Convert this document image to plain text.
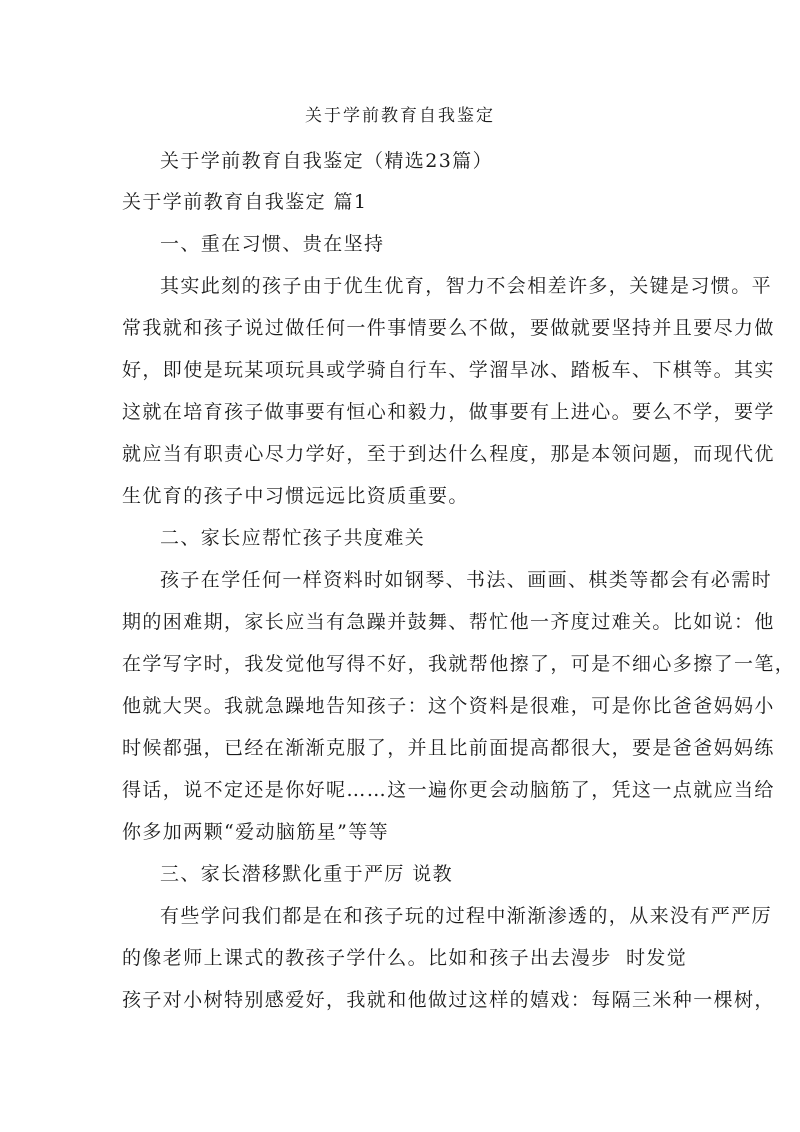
关于学前教育自我鉴定
关于学前教育自我鉴定（精选23篇）
关于学前教育自我鉴定 篇1
一、重在习惯、贵在坚持
其实此刻的孩子由于优生优育，智力不会相差许多，关键是习惯。平
常我就和孩子说过做任何一件事情要么不做，要做就要坚持并且要尽力做
好，即使是玩某项玩具或学骑自行车、学溜旱冰、踏板车、下棋等。其实
这就在培育孩子做事要有恒心和毅力，做事要有上进心。要么不学，要学
就应当有职责心尽力学好，至于到达什么程度，那是本领问题，而现代优
生优育的孩子中习惯远远比资质重要。
二、家长应帮忙孩子共度难关
孩子在学任何一样资料时如钢琴、书法、画画、棋类等都会有必需时
期的困难期，家长应当有急躁并鼓舞、帮忙他一齐度过难关。比如说：他
在学写字时，我发觉他写得不好，我就帮他擦了，可是不细心多擦了一笔，
他就大哭。我就急躁地告知孩子：这个资料是很难，可是你比爸爸妈妈小
时候都强，已经在渐渐克服了，并且比前面提高都很大，要是爸爸妈妈练
得话，说不定还是你好呢……这一遍你更会动脑筋了，凭这一点就应当给
你多加两颗“爱动脑筋星”等等
三、家长潜移默化重于严厉 说教
有些学问我们都是在和孩子玩的过程中渐渐渗透的，从来没有严严厉
的像老师上课式的教孩子学什么。比如和孩子出去漫步 时发觉
孩子对小树特别感爱好，我就和他做过这样的嬉戏：每隔三米种一棵树，
